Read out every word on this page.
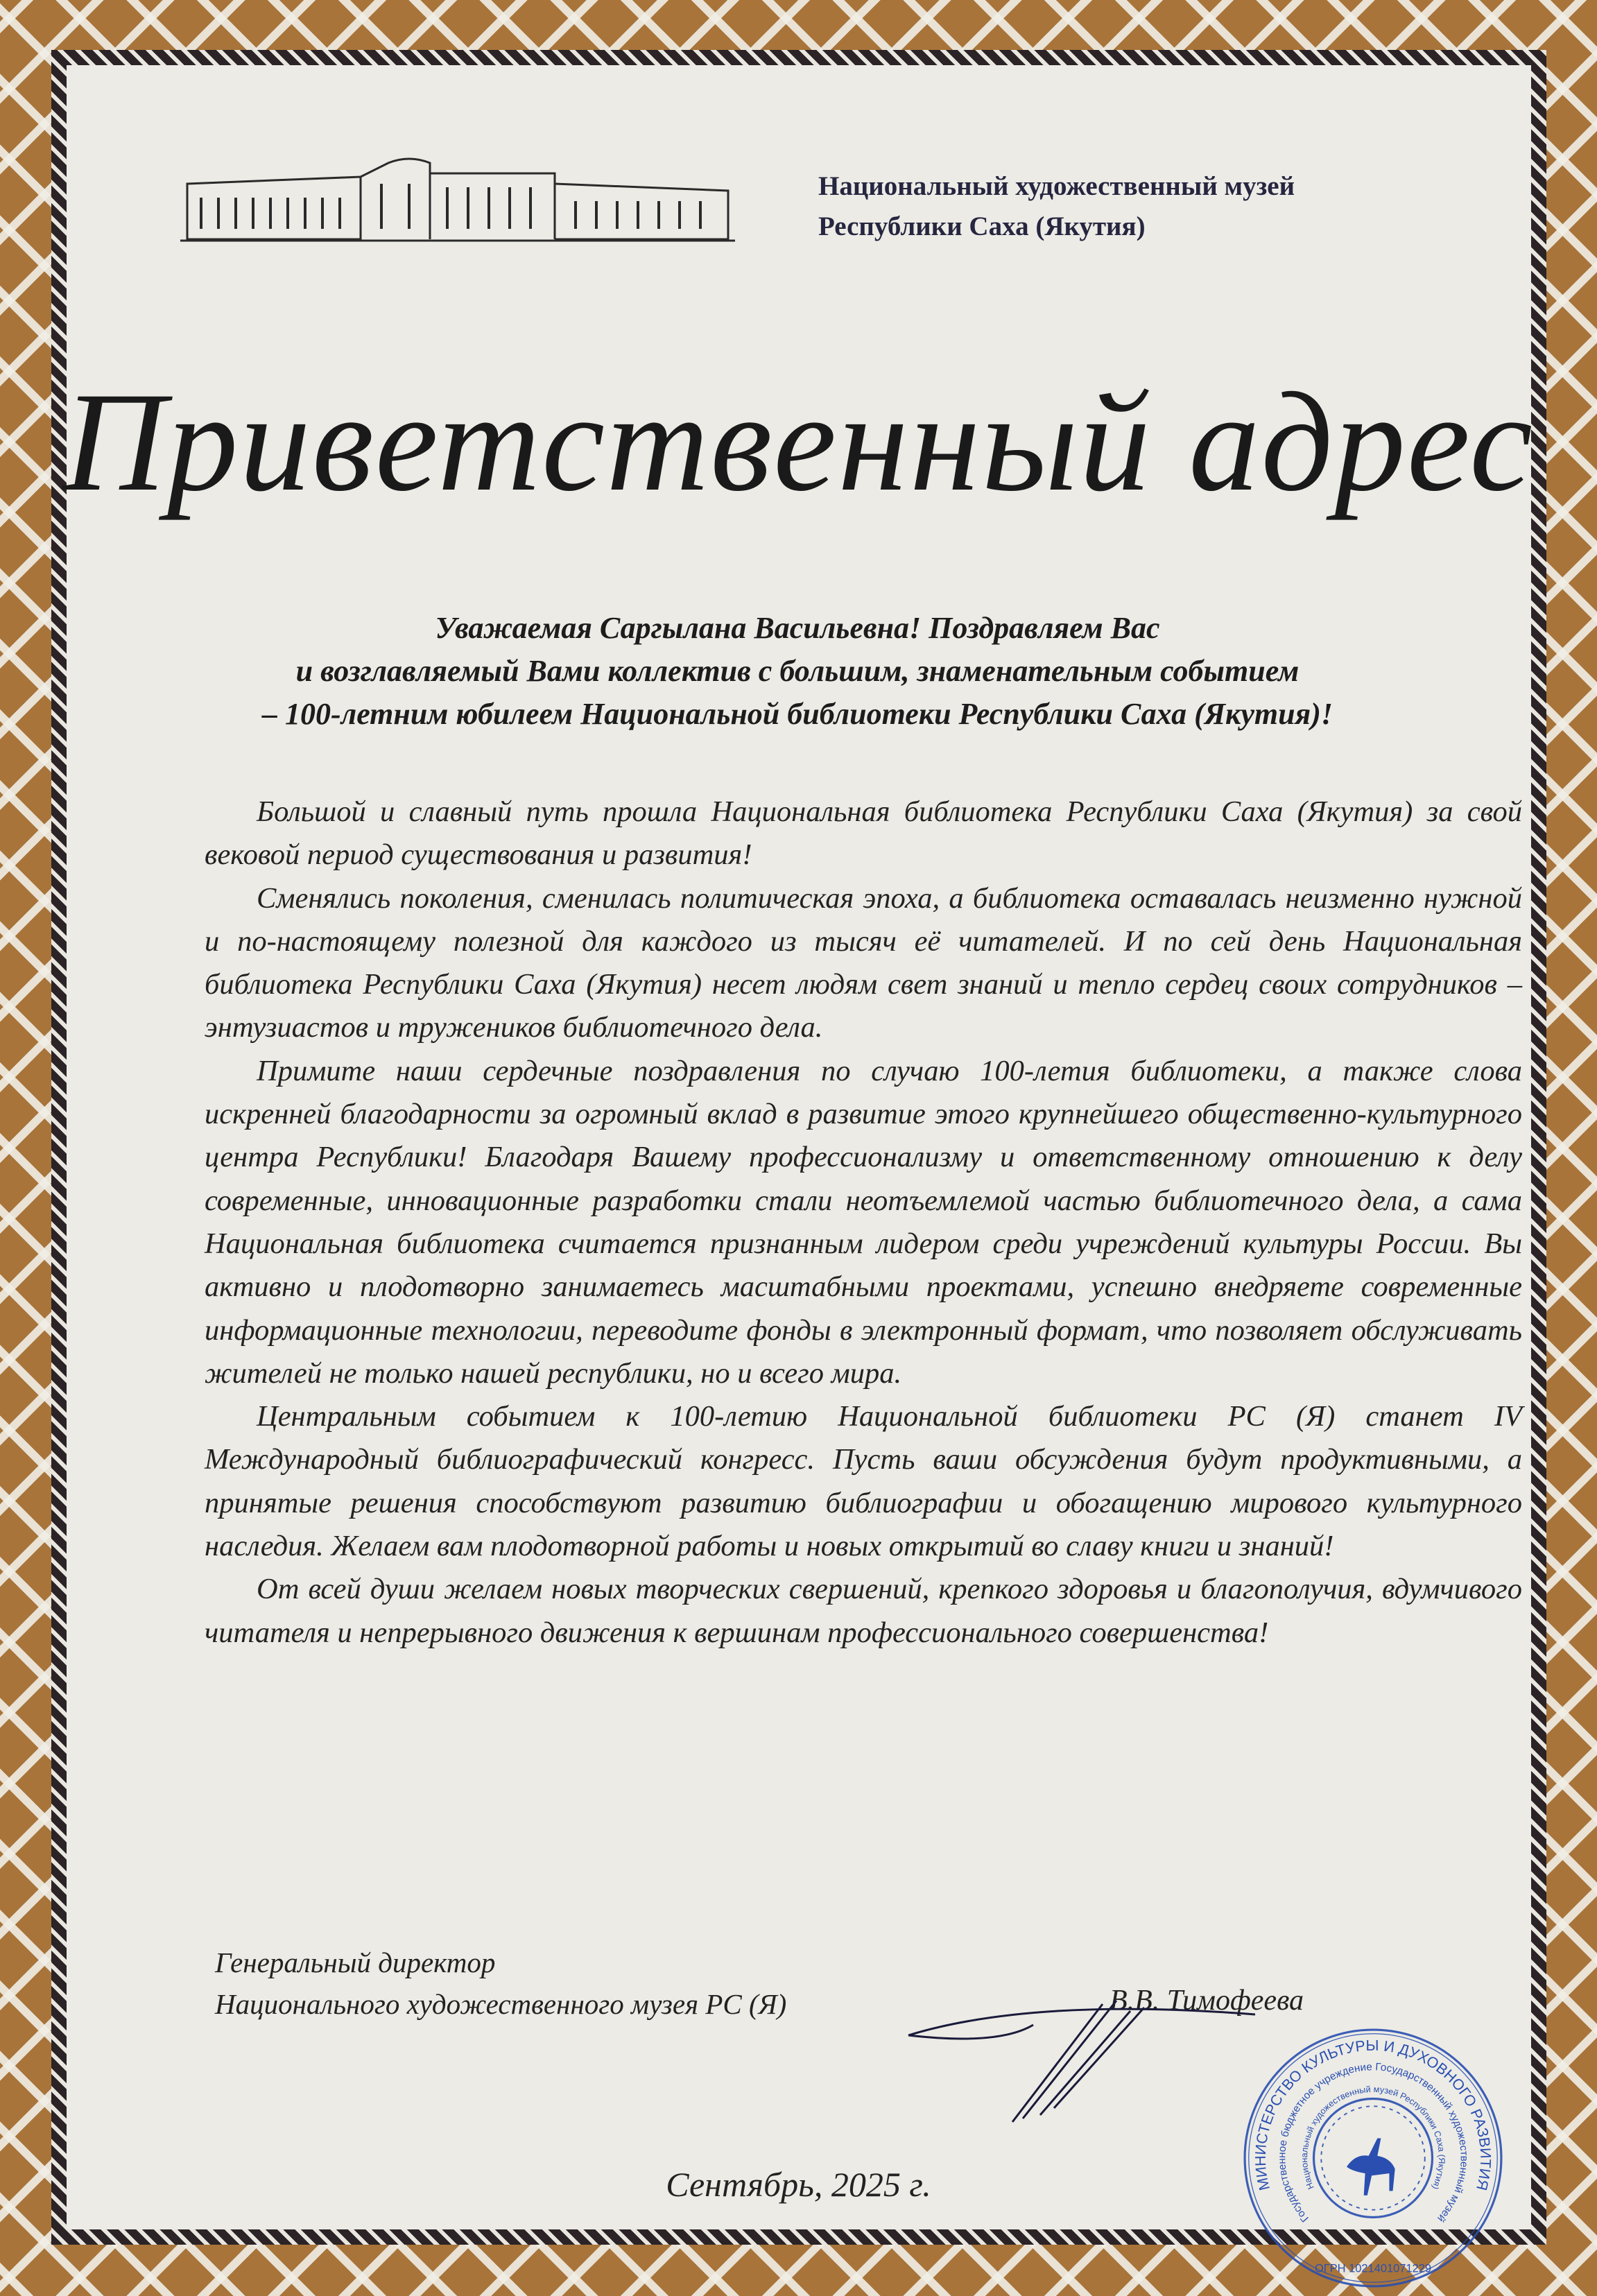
Национальный художественный музей
Республики Саха (Якутия)
Приветственный адрес
Уважаемая Саргылана Васильевна! Поздравляем Вас
и возглавляемый Вами коллектив с большим, знаменательным событием
– 100-летним юбилеем Национальной библиотеки Республики Саха (Якутия)!

Большой и славный путь прошла Национальная библиотека Республики Саха (Якутия) за свой вековой период существования и развития!

Сменялись поколения, сменилась политическая эпоха, а библиотека оставалась неизменно нужной и по-настоящему полезной для каждого из тысяч её читателей. И по сей день Национальная библиотека Республики Саха (Якутия) несет людям свет знаний и тепло сердец своих сотрудников – энтузиастов и тружеников библиотечного дела.

Примите наши сердечные поздравления по случаю 100-летия библиотеки, а также слова искренней благодарности за огромный вклад в развитие этого крупнейшего общественно-культурного центра Республики! Благодаря Вашему профессионализму и ответственному отношению к делу современные, инновационные разработки стали неотъемлемой частью библиотечного дела, а сама Национальная библиотека считается признанным лидером среди учреждений культуры России. Вы активно и плодотворно занимаетесь масштабными проектами, успешно внедряете современные информационные технологии, переводите фонды в электронный формат, что позволяет обслуживать жителей не только нашей республики, но и всего мира.

Центральным событием к 100-летию Национальной библиотеки РС (Я) станет IV Международный библиографический конгресс. Пусть ваши обсуждения будут продуктивными, а принятые решения способствуют развитию библиографии и обогащению мирового культурного наследия. Желаем вам плодотворной работы и новых открытий во славу книги и знаний!

От всей души желаем новых творческих свершений, крепкого здоровья и благополучия, вдумчивого читателя и непрерывного движения к вершинам профессионального совершенства!

Генеральный директор
Национального художественного музея РС (Я)	В.В. Тимофеева
Сентябрь, 2025 г.	МИНИСТЕРСТВО КУЛЬТУРЫ И ДУХОВНОГО РАЗВИТИЯ
Государственное бюджетное учреждение Государственный художественный музей
Национальный художественный музей Республики Саха (Якутия)
ОГРН 1021401071229
